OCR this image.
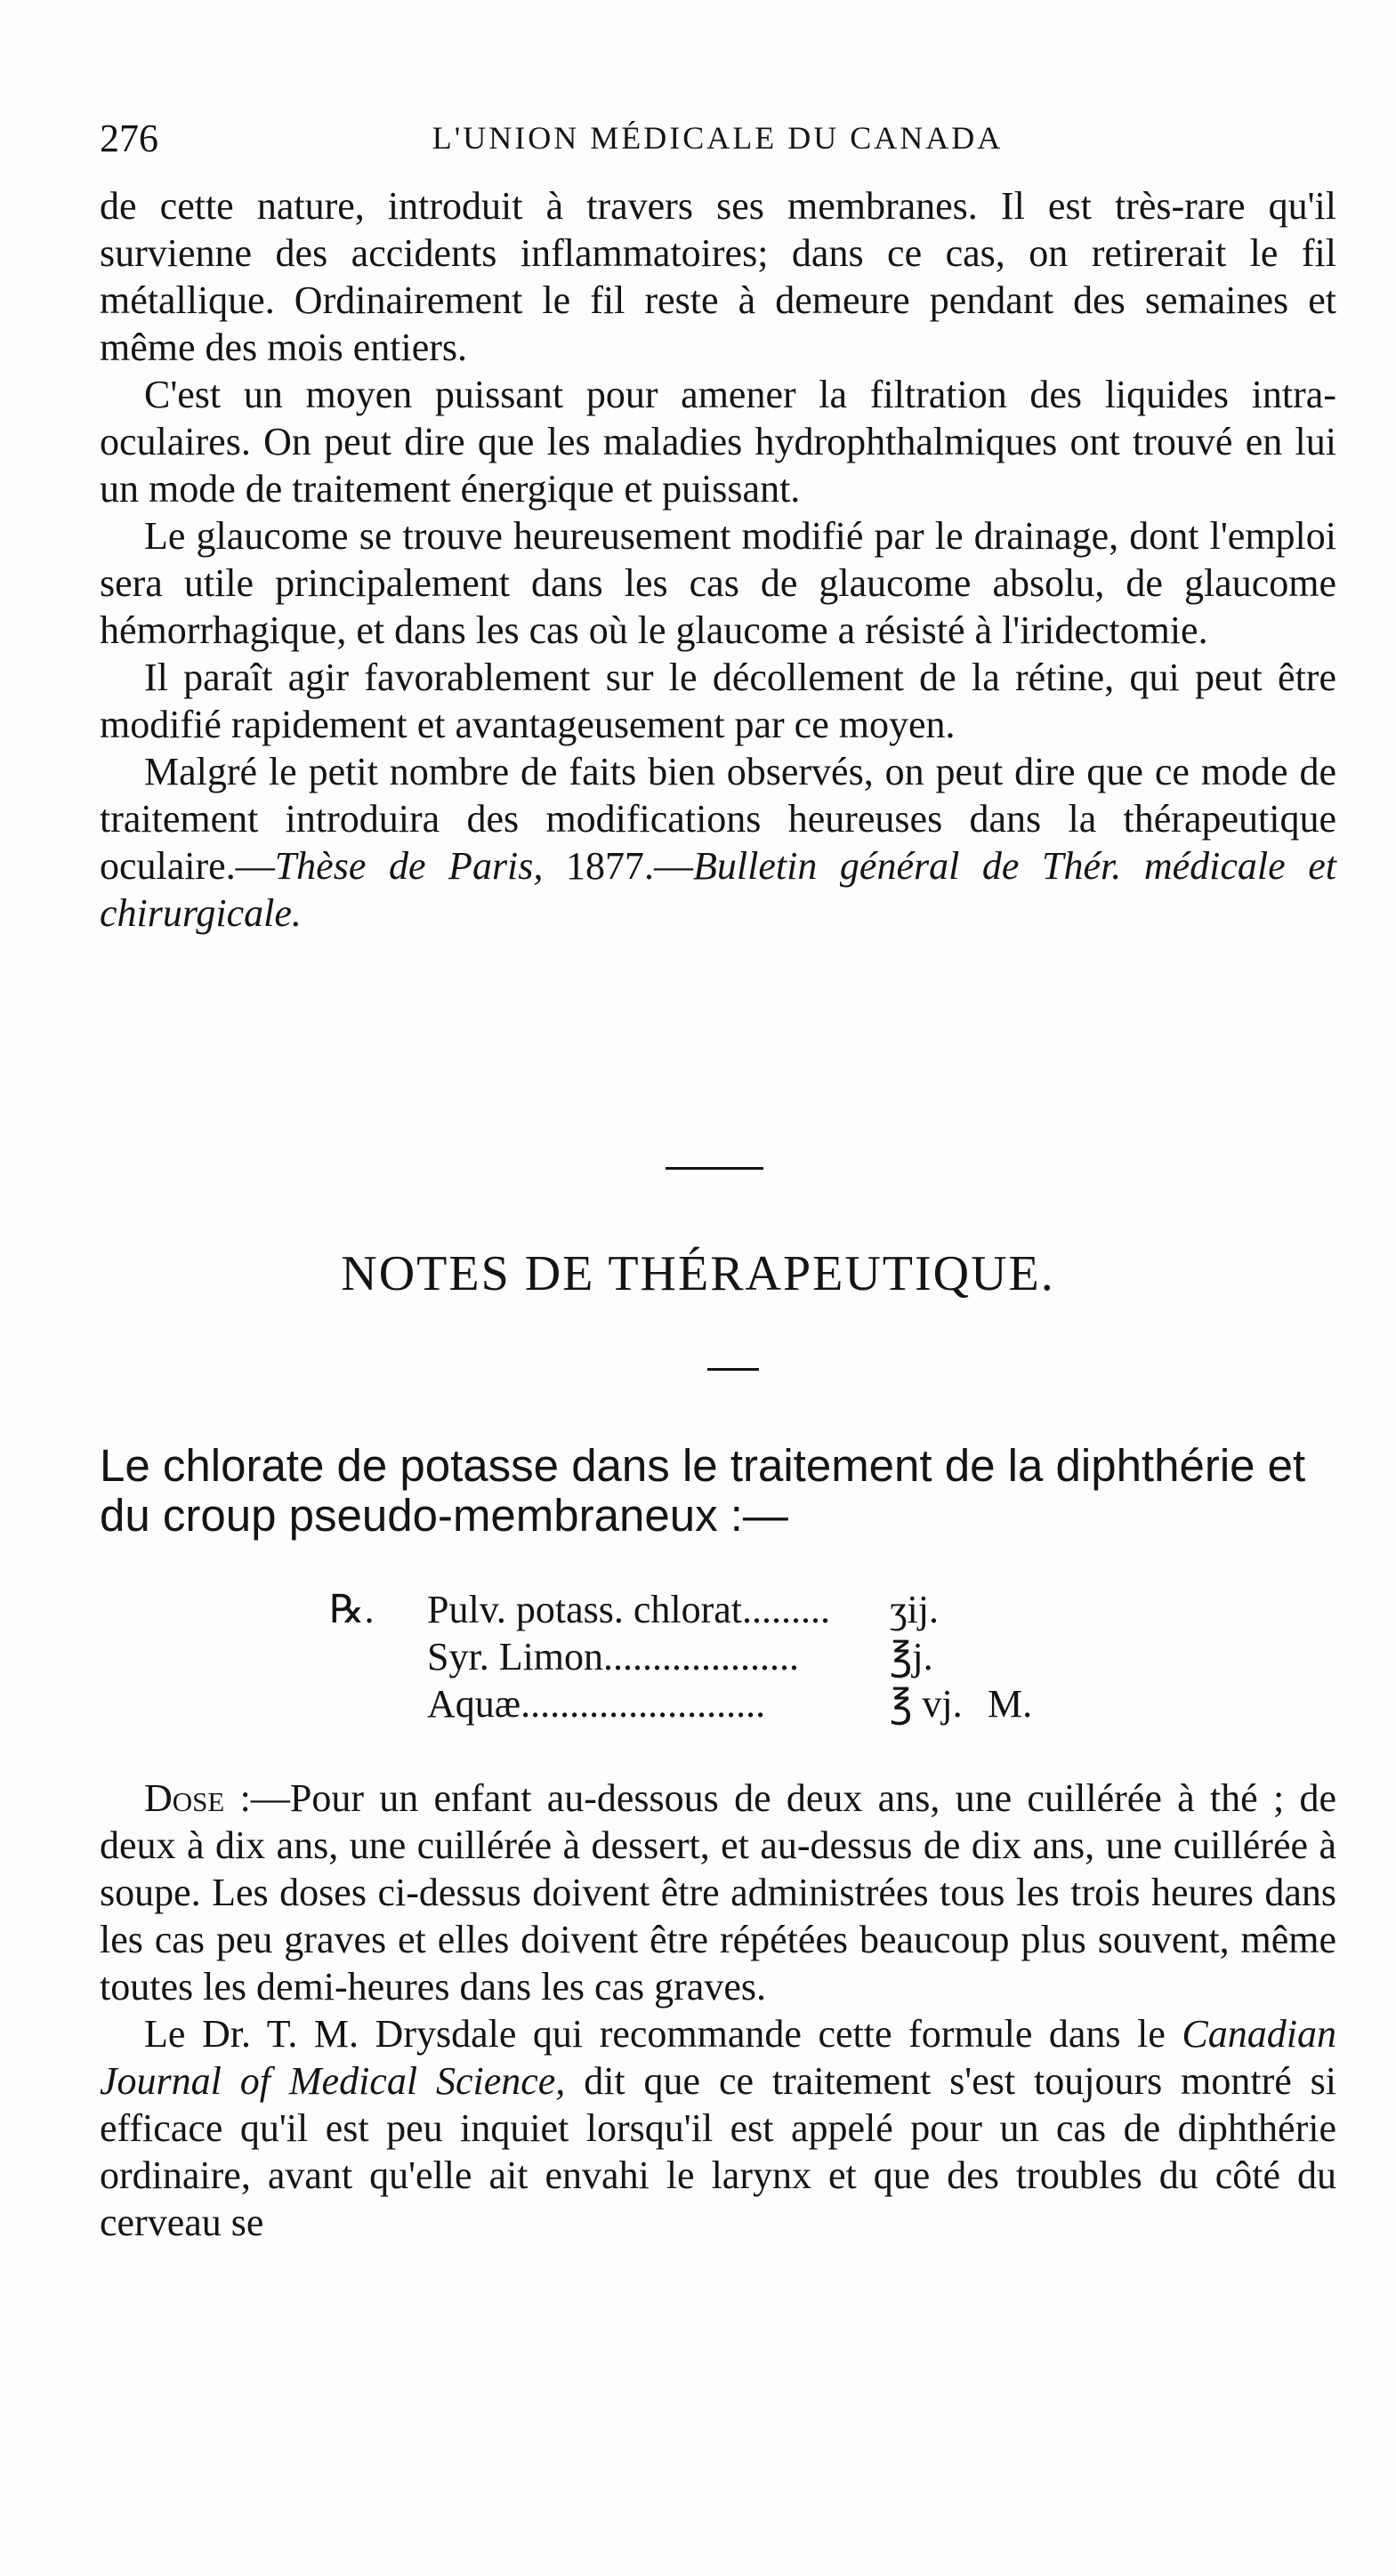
276	L'UNION MÉDICALE DU CANADA

de cette nature, introduit à travers ses membranes. Il est très-rare qu'il survienne des accidents inflammatoires; dans ce cas, on retirerait le fil métallique. Ordinairement le fil reste à demeure pendant des semaines et même des mois entiers.

C'est un moyen puissant pour amener la filtration des liquides intra-oculaires. On peut dire que les maladies hydrophthalmiques ont trouvé en lui un mode de traitement énergique et puissant.

Le glaucome se trouve heureusement modifié par le drainage, dont l'emploi sera utile principalement dans les cas de glaucome absolu, de glaucome hémorrhagique, et dans les cas où le glaucome a résisté à l'iridectomie.

Il paraît agir favorablement sur le décollement de la rétine, qui peut être modifié rapidement et avantageusement par ce moyen.

Malgré le petit nombre de faits bien observés, on peut dire que ce mode de traitement introduira des modifications heureuses dans la thérapeutique oculaire.—Thèse de Paris, 1877.—Bulletin général de Thér. médicale et chirurgicale.

NOTES DE THÉRAPEUTIQUE.
Le chlorate de potasse dans le traitement de la diphthérie et du croup pseudo-membraneux :—
℞.	Pulv. potass. chlorat.........	ʒij.
Syr. Limon....................	℥j.
Aquæ.........................	℥ vj. M.

Dose :—Pour un enfant au-dessous de deux ans, une cuillérée à thé ; de deux à dix ans, une cuillérée à dessert, et au-dessus de dix ans, une cuillérée à soupe. Les doses ci-dessus doivent être administrées tous les trois heures dans les cas peu graves et elles doivent être répétées beaucoup plus souvent, même toutes les demi-heures dans les cas graves.

Le Dr. T. M. Drysdale qui recommande cette formule dans le Canadian Journal of Medical Science, dit que ce traitement s'est toujours montré si efficace qu'il est peu inquiet lorsqu'il est appelé pour un cas de diphthérie ordinaire, avant qu'elle ait envahi le larynx et que des troubles du côté du cerveau se
